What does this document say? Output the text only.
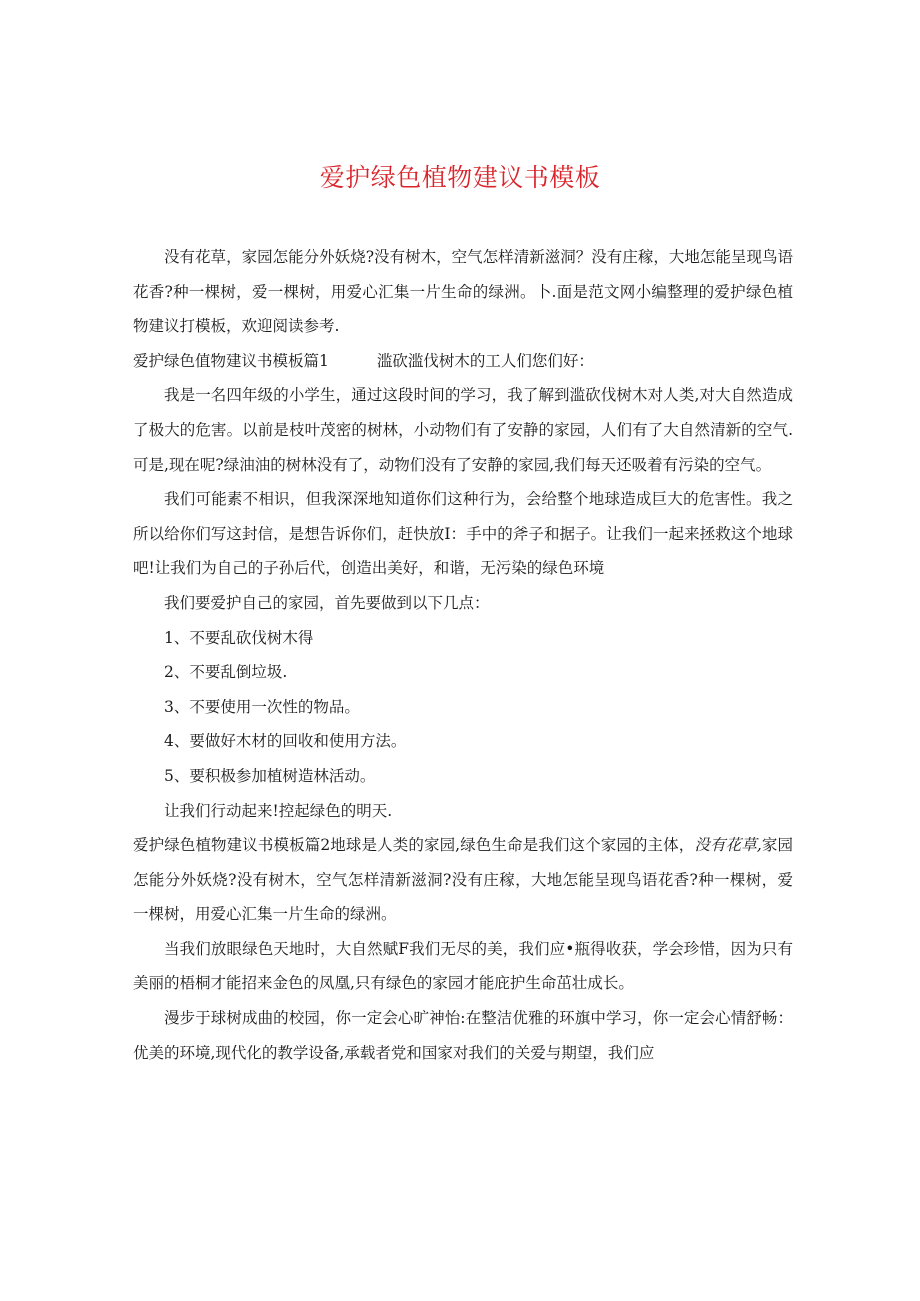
爱护绿色植物建议书模板

没有花草，家园怎能分外妖烧?没有树木，空气怎样清新滋洞？没有庄稼，大地怎能呈现鸟语花香?种一棵树，爱一棵树，用爱心汇集一片生命的绿洲。卜.面是范文网小编整理的爱护绿色植物建议打模板，欢迎阅读参考.

爱护绿色值物建议书模板篇1	滥砍滥伐树木的工人们您们好：

我是一名四年级的小学生，通过这段时间的学习，我了解到滥砍伐树木对人类,对大自然造成了极大的危害。以前是枝叶茂密的树林，小动物们有了安静的家园，人们有了大自然清新的空气.可是,现在呢?绿油油的树林没有了，动物们没有了安静的家园,我们每天还吸着有污染的空气。

我们可能素不相识，但我深深地知道你们这种行为，会给整个地球造成巨大的危害性。我之所以给你们写这封信，是想告诉你们，赶快放I：手中的斧子和据子。让我们一起来拯救这个地球吧!让我们为自己的子孙后代，创造出美好，和谐，无污染的绿色环境

我们要爱护自己的家园，首先要做到以下几点：

1、不要乱砍伐树木得

2、不要乱倒垃圾.

3、不要使用一次性的物品。

4、要做好木材的回收和使用方法。

5、要积极参加植树造林活动。

让我们行动起来!控起绿色的明天.

爱护绿色植物建议书模板篇2地球是人类的家园,绿色生命是我们这个家园的主体，没有花草,家园怎能分外妖烧?没有树木，空气怎样清新滋洞?没有庄稼，大地怎能呈现鸟语花香?种一棵树，爱一棵树，用爱心汇集一片生命的绿洲。

当我们放眼绿色天地时，大自然赋F我们无尽的美，我们应•瓶得收获，学会珍惜，因为只有美丽的梧桐才能招来金色的凤凰,只有绿色的家园才能庇护生命茁壮成长。

漫步于球树成曲的校园，你一定会心旷神怡:在整洁优雅的环旗中学习，你一定会心情舒畅：优美的环境,现代化的教学设备,承载者党和国家对我们的关爱与期望，我们应
